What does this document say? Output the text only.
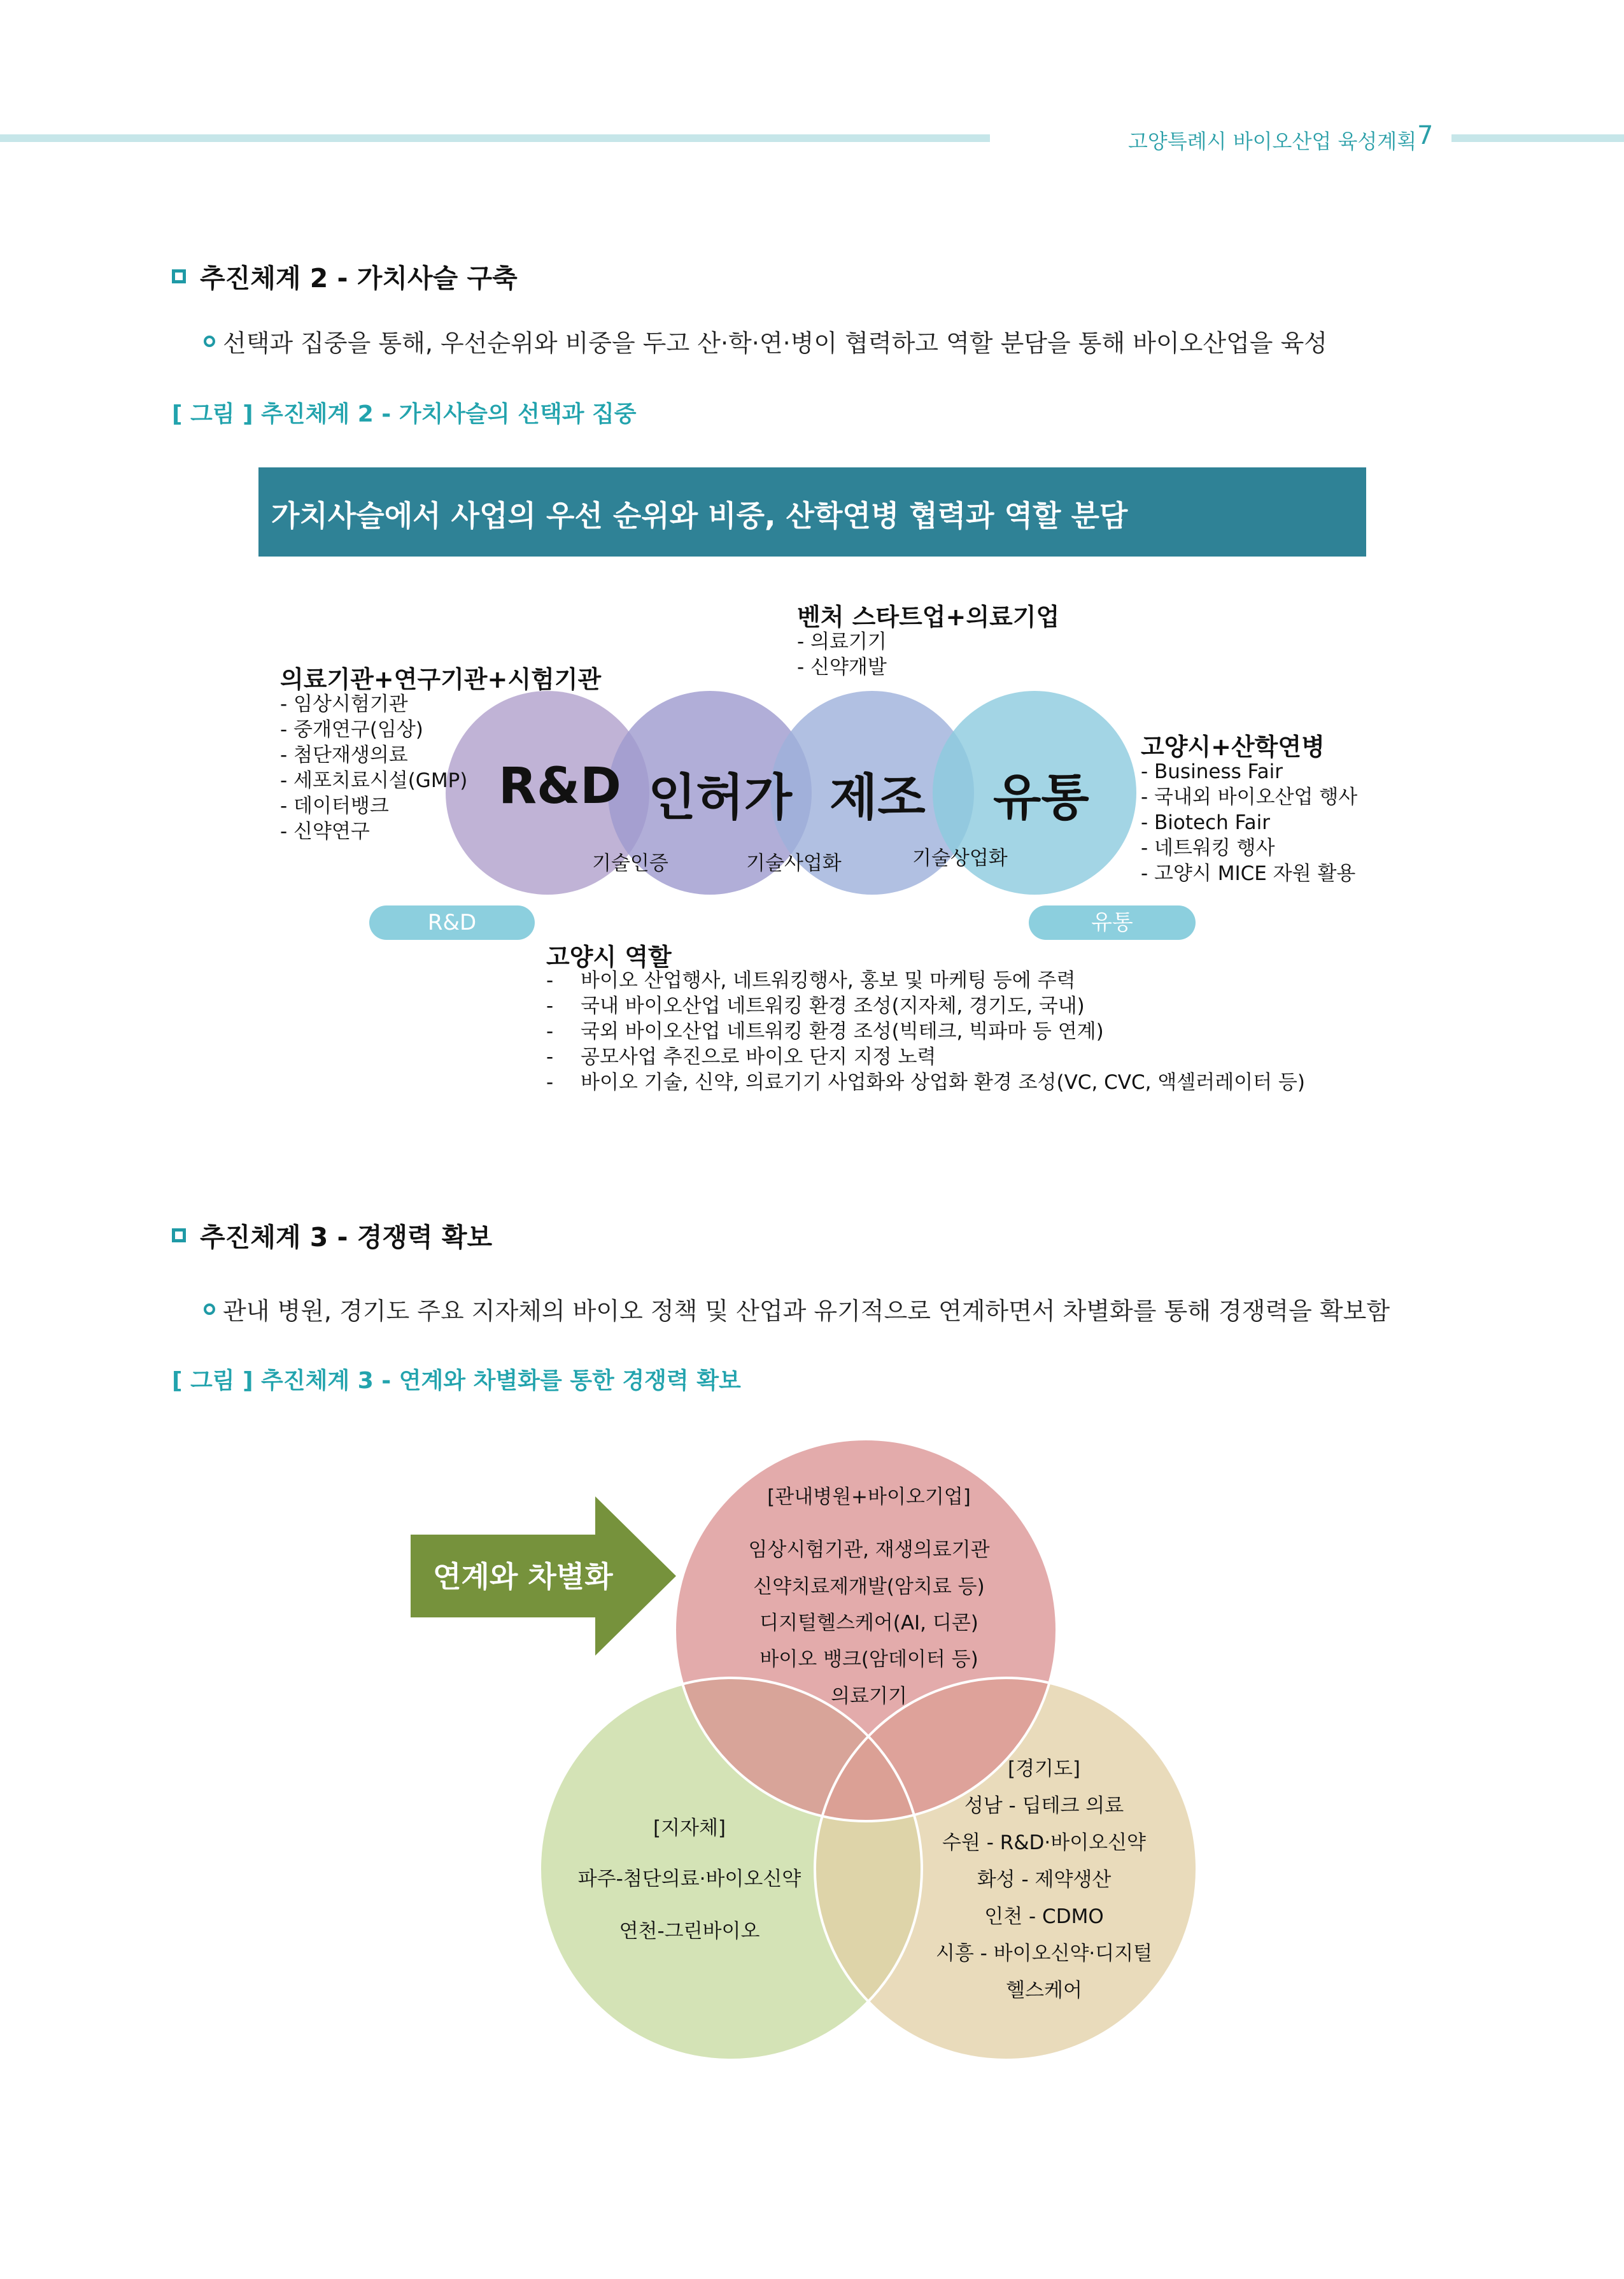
고양특례시 바이오산업 육성계획 7
추진체계 2 - 가치사슬 구축
선택과 집중을 통해, 우선순위와 비중을 두고 산·학·연·병이 협력하고 역할 분담을 통해 바이오산업을 육성
[ 그림 ] 추진체계 2 - 가치사슬의 선택과 집중
가치사슬에서 사업의 우선 순위와 비중, 산학연병 협력과 역할 분담
벤처 스타트업+의료기업
- 의료기기
- 신약개발
의료기관+연구기관+시험기관
- 임상시험기관
- 중개연구(임상)
- 첨단재생의료
- 세포치료시설(GMP)
- 데이터뱅크
- 신약연구
고양시+산학연병
- Business Fair
- 국내외 바이오산업 행사
- Biotech Fair
- 네트워킹 행사
- 고양시 MICE 자원 활용
R&D 인허가 제조 유통
기술인증	기술사업화	기술상업화
R&D	유통
고양시 역할
- 바이오 산업행사, 네트워킹행사, 홍보 및 마케팅 등에 주력
- 국내 바이오산업 네트워킹 환경 조성(지자체, 경기도, 국내)
- 국외 바이오산업 네트워킹 환경 조성(빅테크, 빅파마 등 연계)
- 공모사업 추진으로 바이오 단지 지정 노력
- 바이오 기술, 신약, 의료기기 사업화와 상업화 환경 조성(VC, CVC, 액셀러레이터 등)
추진체계 3 - 경쟁력 확보
관내 병원, 경기도 주요 지자체의 바이오 정책 및 산업과 유기적으로 연계하면서 차별화를 통해 경쟁력을 확보함
[ 그림 ] 추진체계 3 - 연계와 차별화를 통한 경쟁력 확보
연계와 차별화
[관내병원+바이오기업]
임상시험기관, 재생의료기관
신약치료제개발(암치료 등)
디지털헬스케어(AI, 디콘)
바이오 뱅크(암데이터 등)
의료기기
[지자체]
파주-첨단의료·바이오신약
연천-그린바이오
[경기도]
성남 - 딥테크 의료
수원 - R&D·바이오신약
화성 - 제약생산
인천 - CDMO
시흥 - 바이오신약·디지털
헬스케어
